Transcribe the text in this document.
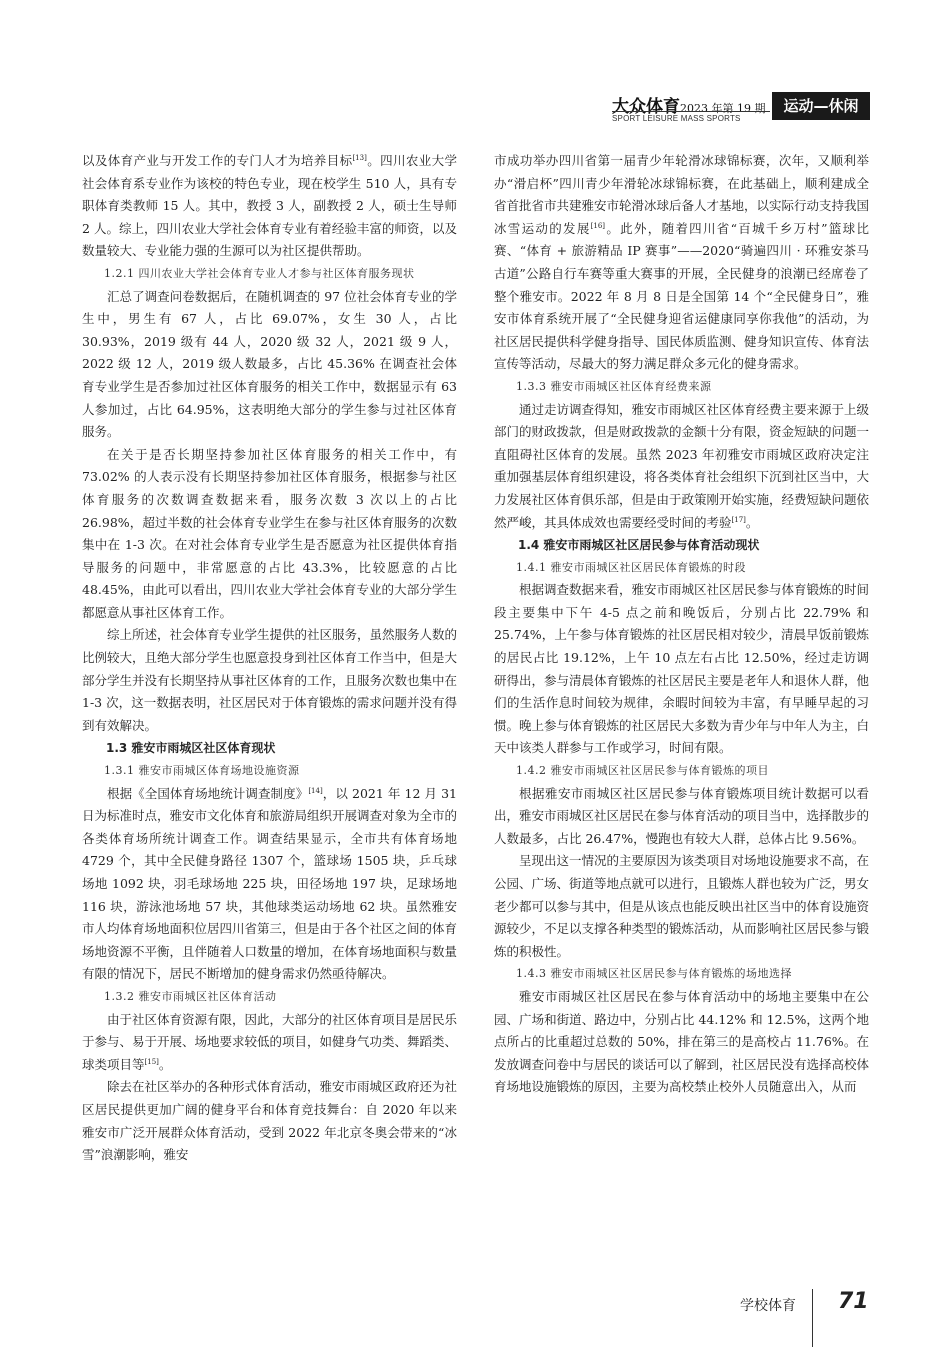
大众体育2023 年第 19 期
SPORT LEISURE MASS SPORTS
运动—休闲

以及体育产业与开发工作的专门人才为培养目标[13]。四川农业大学社会体育系专业作为该校的特色专业，现在校学生 510 人，具有专职体育类教师 15 人。其中，教授 3 人，副教授 2 人，硕士生导师 2 人。综上，四川农业大学社会体育专业有着经验丰富的师资，以及数量较大、专业能力强的生源可以为社区提供帮助。

1.2.1 四川农业大学社会体育专业人才参与社区体育服务现状

汇总了调查问卷数据后，在随机调查的 97 位社会体育专业的学生中，男生有 67 人，占比 69.07%，女生 30 人，占比 30.93%，2019 级有 44 人，2020 级 32 人，2021 级 9 人，2022 级 12 人，2019 级人数最多，占比 45.36% 在调查社会体育专业学生是否参加过社区体育服务的相关工作中，数据显示有 63 人参加过，占比 64.95%，这表明绝大部分的学生参与过社区体育服务。

在关于是否长期坚持参加社区体育服务的相关工作中，有 73.02% 的人表示没有长期坚持参加社区体育服务，根据参与社区体育服务的次数调查数据来看，服务次数 3 次以上的占比 26.98%，超过半数的社会体育专业学生在参与社区体育服务的次数集中在 1-3 次。在对社会体育专业学生是否愿意为社区提供体育指导服务的问题中，非常愿意的占比 43.3%，比较愿意的占比 48.45%，由此可以看出，四川农业大学社会体育专业的大部分学生都愿意从事社区体育工作。

综上所述，社会体育专业学生提供的社区服务，虽然服务人数的比例较大，且绝大部分学生也愿意投身到社区体育工作当中，但是大部分学生并没有长期坚持从事社区体育的工作，且服务次数也集中在 1-3 次，这一数据表明，社区居民对于体育锻炼的需求问题并没有得到有效解决。

1.3 雅安市雨城区社区体育现状
1.3.1 雅安市雨城区体育场地设施资源

根据《全国体育场地统计调查制度》[14]，以 2021 年 12 月 31 日为标准时点，雅安市文化体育和旅游局组织开展调查对象为全市的各类体育场所统计调查工作。调查结果显示，全市共有体育场地 4729 个，其中全民健身路径 1307 个，篮球场 1505 块，乒乓球场地 1092 块，羽毛球场地 225 块，田径场地 197 块，足球场地 116 块，游泳池场地 57 块，其他球类运动场地 62 块。虽然雅安市人均体育场地面积位居四川省第三，但是由于各个社区之间的体育场地资源不平衡，且伴随着人口数量的增加，在体育场地面积与数量有限的情况下，居民不断增加的健身需求仍然亟待解决。

1.3.2 雅安市雨城区社区体育活动

由于社区体育资源有限，因此，大部分的社区体育项目是居民乐于参与、易于开展、场地要求较低的项目，如健身气功类、舞蹈类、球类项目等[15]。

除去在社区举办的各种形式体育活动，雅安市雨城区政府还为社区居民提供更加广阔的健身平台和体育竞技舞台：自 2020 年以来雅安市广泛开展群众体育活动，受到 2022 年北京冬奥会带来的“冰雪”浪潮影响，雅安

市成功举办四川省第一届青少年轮滑冰球锦标赛，次年，又顺利举办“滑启杯”四川青少年滑轮冰球锦标赛，在此基础上，顺利建成全省首批省市共建雅安市轮滑冰球后备人才基地，以实际行动支持我国冰雪运动的发展[16]。此外，随着四川省“百城千乡万村”篮球比赛、“体育 + 旅游精品 IP 赛事”——2020“骑遍四川 · 环雅安茶马古道”公路自行车赛等重大赛事的开展，全民健身的浪潮已经席卷了整个雅安市。2022 年 8 月 8 日是全国第 14 个“全民健身日”，雅安市体育系统开展了“全民健身迎省运健康同享你我他”的活动，为社区居民提供科学健身指导、国民体质监测、健身知识宣传、体育法宣传等活动，尽最大的努力满足群众多元化的健身需求。

1.3.3 雅安市雨城区社区体育经费来源

通过走访调查得知，雅安市雨城区社区体育经费主要来源于上级部门的财政拨款，但是财政拨款的金额十分有限，资金短缺的问题一直阻碍社区体育的发展。虽然 2023 年初雅安市雨城区政府决定注重加强基层体育组织建设，将各类体育社会组织下沉到社区当中，大力发展社区体育俱乐部，但是由于政策刚开始实施，经费短缺问题依然严峻，其具体成效也需要经受时间的考验[17]。

1.4 雅安市雨城区社区居民参与体育活动现状
1.4.1 雅安市雨城区社区居民体育锻炼的时段

根据调查数据来看，雅安市雨城区社区居民参与体育锻炼的时间段主要集中下午 4-5 点之前和晚饭后，分别占比 22.79% 和 25.74%，上午参与体育锻炼的社区居民相对较少，清晨早饭前锻炼的居民占比 19.12%，上午 10 点左右占比 12.50%，经过走访调研得出，参与清晨体育锻炼的社区居民主要是老年人和退休人群，他们的生活作息时间较为规律，余暇时间较为丰富，有早睡早起的习惯。晚上参与体育锻炼的社区居民大多数为青少年与中年人为主，白天中该类人群参与工作或学习，时间有限。

1.4.2 雅安市雨城区社区居民参与体育锻炼的项目

根据雅安市雨城区社区居民参与体育锻炼项目统计数据可以看出，雅安市雨城区社区居民在参与体育活动的项目当中，选择散步的人数最多，占比 26.47%，慢跑也有较大人群，总体占比 9.56%。

呈现出这一情况的主要原因为该类项目对场地设施要求不高，在公园、广场、街道等地点就可以进行，且锻炼人群也较为广泛，男女老少都可以参与其中，但是从该点也能反映出社区当中的体育设施资源较少，不足以支撑各种类型的锻炼活动，从而影响社区居民参与锻炼的积极性。

1.4.3 雅安市雨城区社区居民参与体育锻炼的场地选择

雅安市雨城区社区居民在参与体育活动中的场地主要集中在公园、广场和街道、路边中，分别占比 44.12% 和 12.5%，这两个地点所占的比重超过总数的 50%，排在第三的是高校占 11.76%。在发放调查问卷中与居民的谈话可以了解到，社区居民没有选择高校体育场地设施锻炼的原因，主要为高校禁止校外人员随意出入，从而

学校体育 71
